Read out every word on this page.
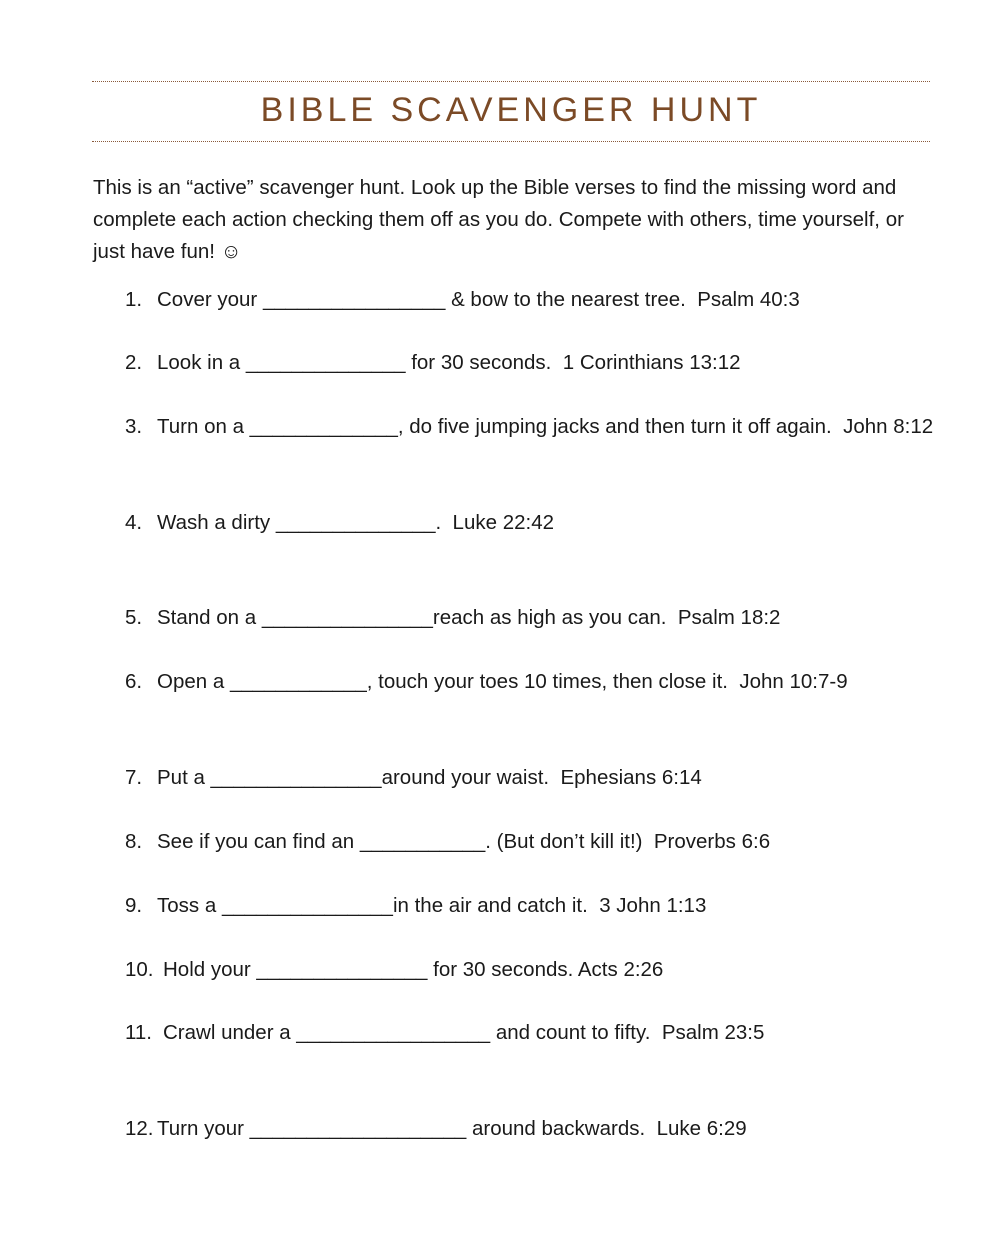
BIBLE SCAVENGER HUNT

This is an “active” scavenger hunt. Look up the Bible verses to find the missing word and complete each action checking them off as you do. Compete with others, time yourself, or just have fun! ☺

1. Cover your ________________ & bow to the nearest tree.  Psalm 40:3
2. Look in a ______________ for 30 seconds.  1 Corinthians 13:12
3. Turn on a _____________, do five jumping jacks and then turn it off again.  John 8:12
4. Wash a dirty ______________.  Luke 22:42
5. Stand on a _______________reach as high as you can.  Psalm 18:2
6. Open a ____________, touch your toes 10 times, then close it.  John 10:7-9
7. Put a _______________around your waist.  Ephesians 6:14
8. See if you can find an ___________. (But don’t kill it!)  Proverbs 6:6
9. Toss a _______________in the air and catch it.  3 John 1:13
10. Hold your _______________ for 30 seconds. Acts 2:26
11. Crawl under a _________________ and count to fifty.  Psalm 23:5
12. Turn your ___________________ around backwards.  Luke 6:29
